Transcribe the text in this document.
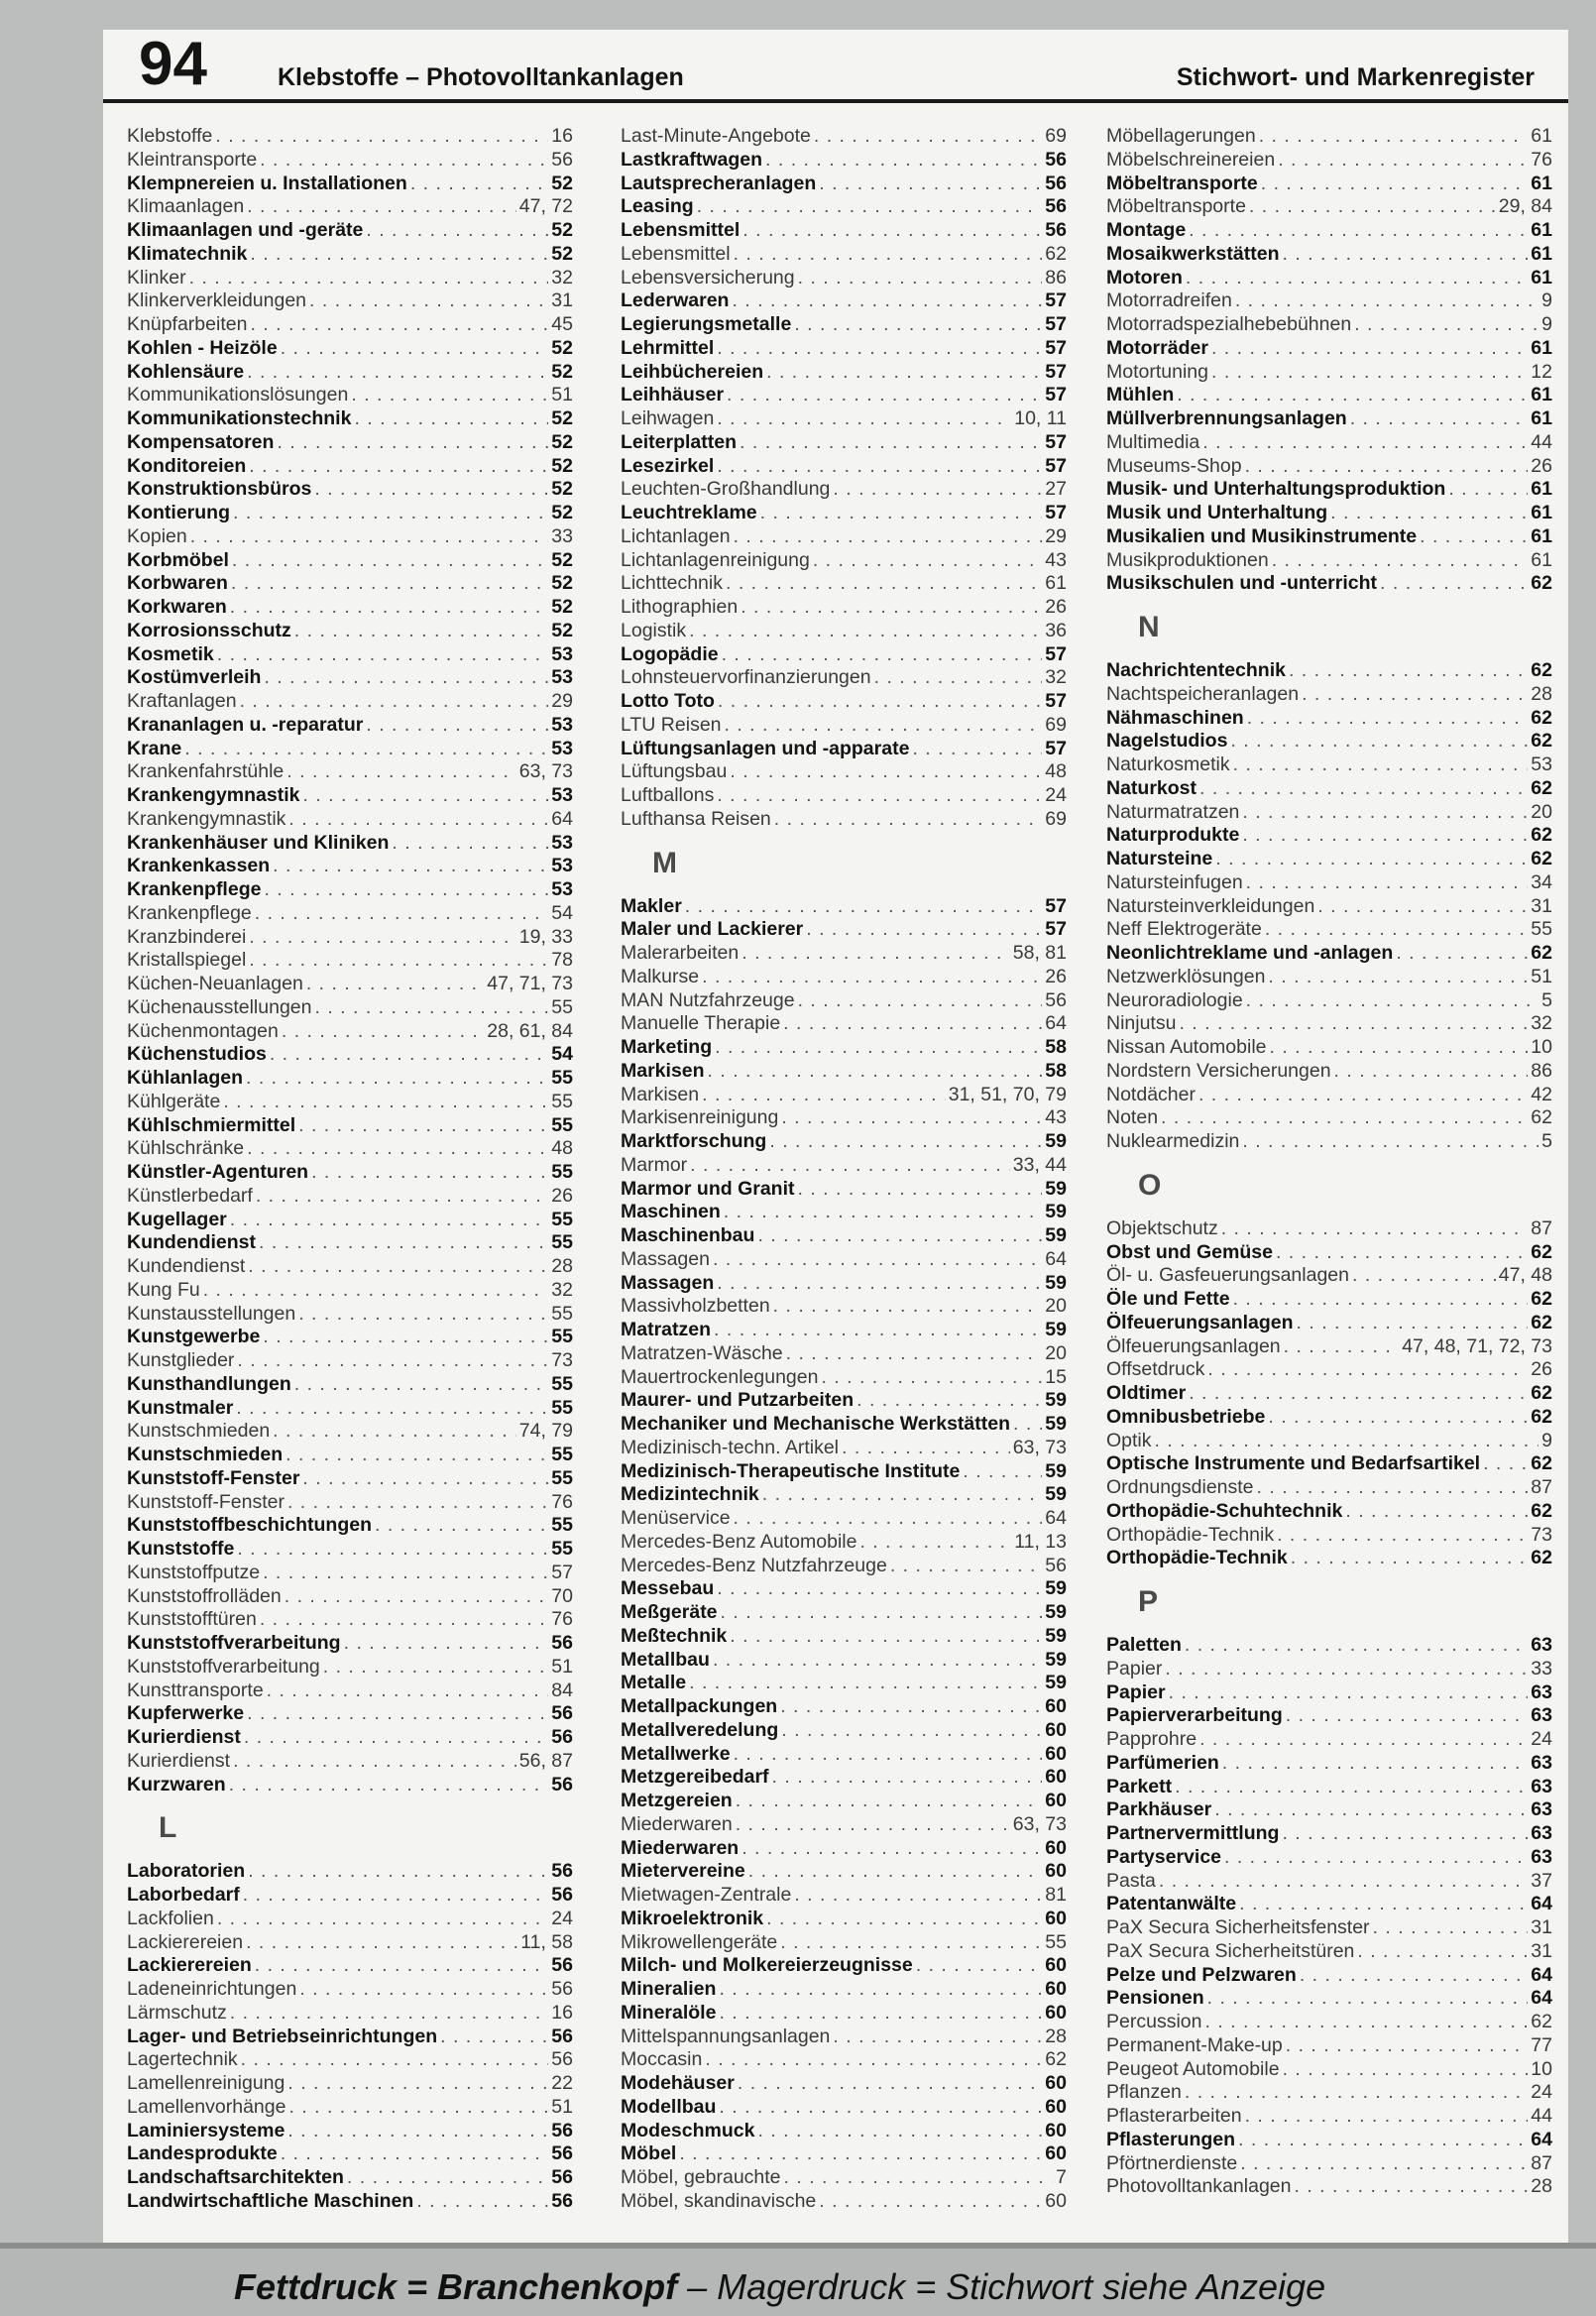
94	Klebstoffe – Photovolltankanlagen	Stichwort- und Markenregister
Klebstoffe . . .	16
Kleintransporte . . .	56
Klempnereien u. Installationen . . .	52
Klimaanlagen . . .	47, 72
Klimaanlagen und -geräte . . .	52
Klimatechnik . . .	52
Klinker . . .	32
Klinkerverkleidungen . . .	31
Knüpfarbeiten . . .	45
Kohlen - Heizöle . . .	52
Kohlensäure . . .	52
Kommunikationslösungen . . .	51
Kommunikationstechnik . . .	52
Kompensatoren . . .	52
Konditoreien . . .	52
Konstruktionsbüros . . .	52
Kontierung . . .	52
Kopien . . .	33
Korbmöbel . . .	52
Korbwaren . . .	52
Korkwaren . . .	52
Korrosionsschutz . . .	52
Kosmetik . . .	53
Kostümverleih . . .	53
Kraftanlagen . . .	29
Krananlagen u. -reparatur . . .	53
Krane . . .	53
Krankenfahrstühle . . .	63, 73
Krankengymnastik . . .	53
Krankengymnastik . . .	64
Krankenhäuser und Kliniken . . .	53
Krankenkassen . . .	53
Krankenpflege . . .	53
Krankenpflege . . .	54
Kranzbinderei . . .	19, 33
Kristallspiegel . . .	78
Küchen-Neuanlagen . . .	47, 71, 73
Küchenausstellungen . . .	55
Küchenmontagen . . .	28, 61, 84
Küchenstudios . . .	54
Kühlanlagen . . .	55
Kühlgeräte . . .	55
Kühlschmiermittel . . .	55
Kühlschränke . . .	48
Künstler-Agenturen . . .	55
Künstlerbedarf . . .	26
Kugellager . . .	55
Kundendienst . . .	55
Kundendienst . . .	28
Kung Fu . . .	32
Kunstausstellungen . . .	55
Kunstgewerbe . . .	55
Kunstglieder . . .	73
Kunsthandlungen . . .	55
Kunstmaler . . .	55
Kunstschmieden . . .	74, 79
Kunstschmieden . . .	55
Kunststoff-Fenster . . .	55
Kunststoff-Fenster . . .	76
Kunststoffbeschichtungen . . .	55
Kunststoffe . . .	55
Kunststoffputze . . .	57
Kunststoffrolläden . . .	70
Kunststofftüren . . .	76
Kunststoffverarbeitung . . .	56
Kunststoffverarbeitung . . .	51
Kunsttransporte . . .	84
Kupferwerke . . .	56
Kurierdienst . . .	56
Kurierdienst . . .	56, 87
Kurzwaren . . .	56
L
Laboratorien . . .	56
Laborbedarf . . .	56
Lackfolien . . .	24
Lackierereien . . .	11, 58
Lackierereien . . .	56
Ladeneinrichtungen . . .	56
Lärmschutz . . .	16
Lager- und Betriebseinrichtungen . . .	56
Lagertechnik . . .	56
Lamellenreinigung . . .	22
Lamellenvorhänge . . .	51
Laminiersysteme . . .	56
Landesprodukte . . .	56
Landschaftsarchitekten . . .	56
Landwirtschaftliche Maschinen . . .	56
Last-Minute-Angebote . . .	69
Lastkraftwagen . . .	56
Lautsprecheranlagen . . .	56
Leasing . . .	56
Lebensmittel . . .	56
Lebensmittel . . .	62
Lebensversicherung . . .	86
Lederwaren . . .	57
Legierungsmetalle . . .	57
Lehrmittel . . .	57
Leihbüchereien . . .	57
Leihhäuser . . .	57
Leihwagen . . .	10, 11
Leiterplatten . . .	57
Lesezirkel . . .	57
Leuchten-Großhandlung . . .	27
Leuchtreklame . . .	57
Lichtanlagen . . .	29
Lichtanlagenreinigung . . .	43
Lichttechnik . . .	61
Lithographien . . .	26
Logistik . . .	36
Logopädie . . .	57
Lohnsteuervorfinanzierungen . . .	32
Lotto Toto . . .	57
LTU Reisen . . .	69
Lüftungsanlagen und -apparate . . .	57
Lüftungsbau . . .	48
Luftballons . . .	24
Lufthansa Reisen . . .	69
M
Makler . . .	57
Maler und Lackierer . . .	57
Malerarbeiten . . .	58, 81
Malkurse . . .	26
MAN Nutzfahrzeuge . . .	56
Manuelle Therapie . . .	64
Marketing . . .	58
Markisen . . .	58
Markisen . . .	31, 51, 70, 79
Markisenreinigung . . .	43
Marktforschung . . .	59
Marmor . . .	33, 44
Marmor und Granit . . .	59
Maschinen . . .	59
Maschinenbau . . .	59
Massagen . . .	64
Massagen . . .	59
Massivholzbetten . . .	20
Matratzen . . .	59
Matratzen-Wäsche . . .	20
Mauertrockenlegungen . . .	15
Maurer- und Putzarbeiten . . .	59
Mechaniker und Mechanische Werkstätten . . . 59
Medizinisch-techn. Artikel . . .	63, 73
Medizinisch-Therapeutische Institute . . .	59
Medizintechnik . . .	59
Menüservice . . .	64
Mercedes-Benz Automobile . . .	11, 13
Mercedes-Benz Nutzfahrzeuge . . .	56
Messebau . . .	59
Meßgeräte . . .	59
Meßtechnik . . .	59
Metallbau . . .	59
Metalle . . .	59
Metallpackungen . . .	60
Metallveredelung . . .	60
Metallwerke . . .	60
Metzgereibedarf . . .	60
Metzgereien . . .	60
Miederwaren . . .	63, 73
Miederwaren . . .	60
Mietervereine . . .	60
Mietwagen-Zentrale . . .	81
Mikroelektronik . . .	60
Mikrowellengeräte . . .	55
Milch- und Molkereierzeugnisse . . .	60
Mineralien . . .	60
Mineralöle . . .	60
Mittelspannungsanlagen . . .	28
Moccasin . . .	62
Modehäuser . . .	60
Modellbau . . .	60
Modeschmuck . . .	60
Möbel . . .	60
Möbel, gebrauchte . . .	7
Möbel, skandinavische . . .	60
Möbellagerungen . . .	61
Möbelschreinereien . . .	76
Möbeltransporte . . .	61
Möbeltransporte . . .	29, 84
Montage . . .	61
Mosaikwerkstätten . . .	61
Motoren . . .	61
Motorradreifen . . .	9
Motorradspezialhebebühnen . . .	9
Motorräder . . .	61
Motortuning . . .	12
Mühlen . . .	61
Müllverbrennungsanlagen . . .	61
Multimedia . . .	44
Museums-Shop . . .	26
Musik- und Unterhaltungsproduktion . . .	61
Musik und Unterhaltung . . .	61
Musikalien und Musikinstrumente . . .	61
Musikproduktionen . . .	61
Musikschulen und -unterricht . . .	62
N
Nachrichtentechnik . . .	62
Nachtspeicheranlagen . . .	28
Nähmaschinen . . .	62
Nagelstudios . . .	62
Naturkosmetik . . .	53
Naturkost . . .	62
Naturmatratzen . . .	20
Naturprodukte . . .	62
Natursteine . . .	62
Natursteinfugen . . .	34
Natursteinverkleidungen . . .	31
Neff Elektrogeräte . . .	55
Neonlichtreklame und -anlagen . . .	62
Netzwerklösungen . . .	51
Neuroradiologie . . .	5
Ninjutsu . . .	32
Nissan Automobile . . .	10
Nordstern Versicherungen . . .	86
Notdächer . . .	42
Noten . . .	62
Nuklearmedizin . . .	5
O
Objektschutz . . .	87
Obst und Gemüse . . .	62
Öl- u. Gasfeuerungsanlagen . . .	47, 48
Öle und Fette . . .	62
Ölfeuerungsanlagen . . .	62
Ölfeuerungsanlagen . . .	47, 48, 71, 72, 73
Offsetdruck . . .	26
Oldtimer . . .	62
Omnibusbetriebe . . .	62
Optik . . .	9
Optische Instrumente und Bedarfsartikel . . .	62
Ordnungsdienste . . .	87
Orthopädie-Schuhtechnik . . .	62
Orthopädie-Technik . . .	73
Orthopädie-Technik . . .	62
P
Paletten . . .	63
Papier . . .	33
Papier . . .	63
Papierverarbeitung . . .	63
Papprohre . . .	24
Parfümerien . . .	63
Parkett . . .	63
Parkhäuser . . .	63
Partnervermittlung . . .	63
Partyservice . . .	63
Pasta . . .	37
Patentanwälte . . .	64
PaX Secura Sicherheitsfenster . . .	31
PaX Secura Sicherheitstüren . . .	31
Pelze und Pelzwaren . . .	64
Pensionen . . .	64
Percussion . . .	62
Permanent-Make-up . . .	77
Peugeot Automobile . . .	10
Pflanzen . . .	24
Pflasterarbeiten . . .	44
Pflasterungen . . .	64
Pförtnerdienste . . .	87
Photovolltankanlagen . . .	28
Fettdruck = Branchenkopf – Magerdruck = Stichwort siehe Anzeige
